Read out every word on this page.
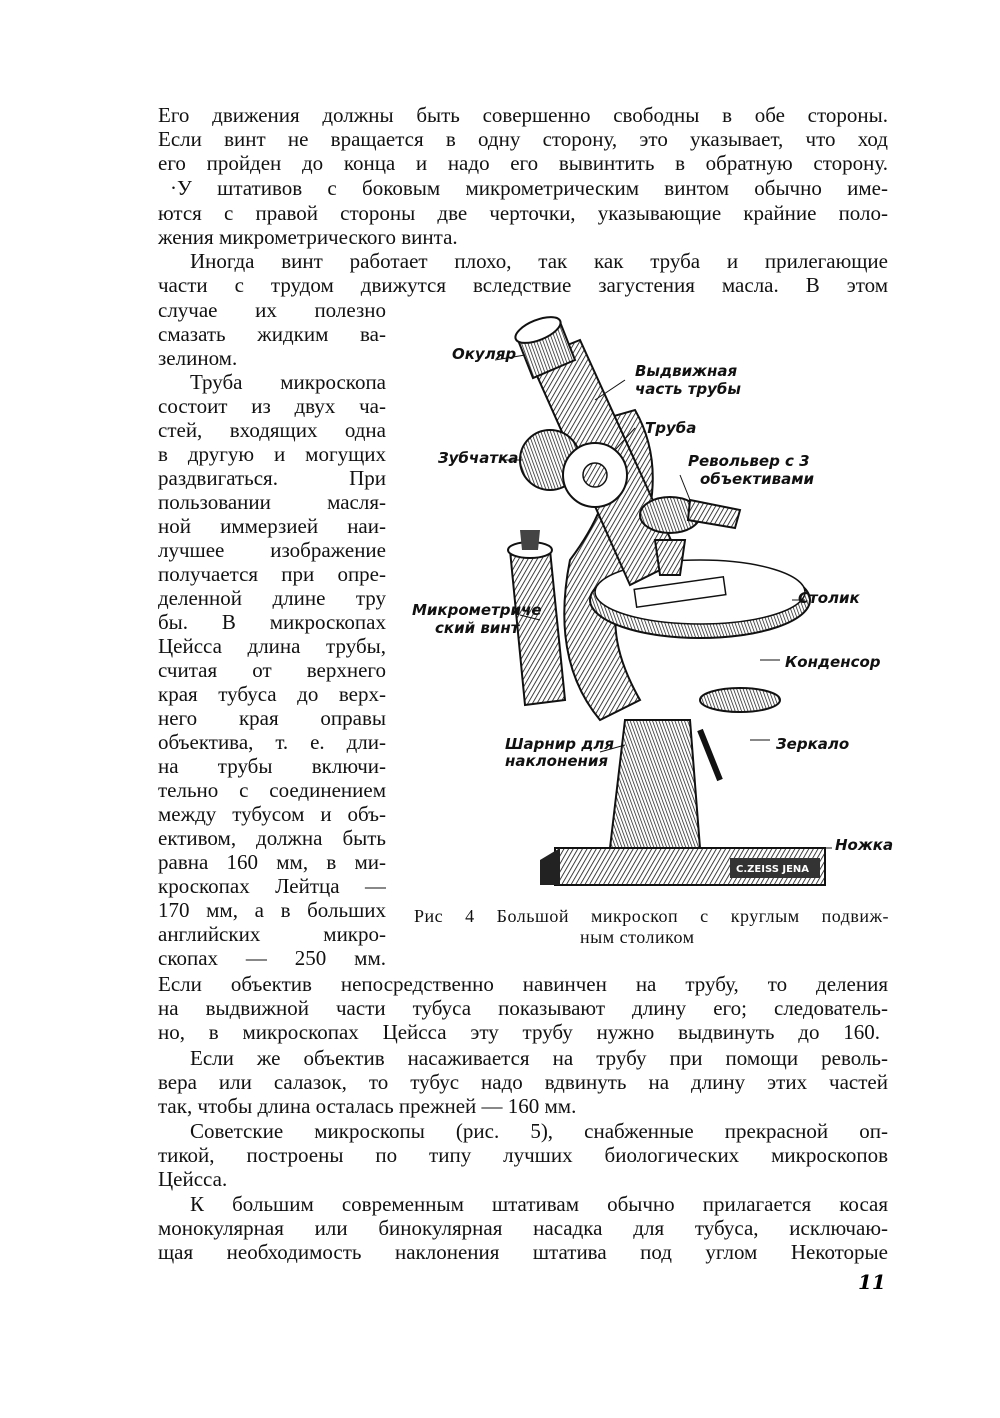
Его движения должны быть совершенно свободны в обе стороны.
Если винт не вращается в одну сторону, это указывает, что ход
его пройден до конца и надо его вывинтить в обратную сторону.
·У штативов с боковым микрометрическим винтом обычно име-
ются с правой стороны две черточки, указывающие крайние поло-
жения микрометрического винта.
Иногда винт работает плохо, так как труба и прилегающие
части с трудом движутся вследствие загустения масла. В этом
случае их полезно
смазать жидким ва-
зелином.
Труба микроскопа
состоит из двух ча-
стей, входящих одна
в другую и могущих
раздвигаться. При
пользовании масля-
ной иммерзией наи-
лучшее изображение
получается при опре-
деленной длине тру
бы. В микроскопах
Цейсса длина трубы,
считая от верхнего
края тубуса до верх-
него края оправы
объектива, т. е. дли-
на трубы включи-
тельно с соединением
между тубусом и объ-
ективом, должна быть
равна 160 мм, в ми-
кроскопах Лейтца —
170 мм, а в больших
английских микро-
скопах — 250 мм.
C.ZEISS JENA
Окуляр
Выдвижная
часть трубы
Труба
Зубчатка	Револьвер с 3
объективами
Микрометриче
ский винт
Столик
Конденсор
Шарнир для
наклонения
Зеркало
Ножка
Рис 4 Большой микроскоп с круглым подвиж-
ным столиком
Если объектив непосредственно навинчен на трубу, то деления
на выдвижной части тубуса показывают длину его; следователь-
но, в микроскопах Цейсса эту трубу нужно выдвинуть до 160.
Если же объектив насаживается на трубу при помощи револь-
вера или салазок, то тубус надо вдвинуть на длину этих частей
так, чтобы длина осталась прежней — 160 мм.
Советские микроскопы (рис. 5), снабженные прекрасной оп-
тикой, построены по типу лучших биологических микроскопов
Цейсса.
К большим современным штативам обычно прилагается косая
монокулярная или бинокулярная насадка для тубуса, исключаю-
щая необходимость наклонения штатива под углом Некоторые
11
